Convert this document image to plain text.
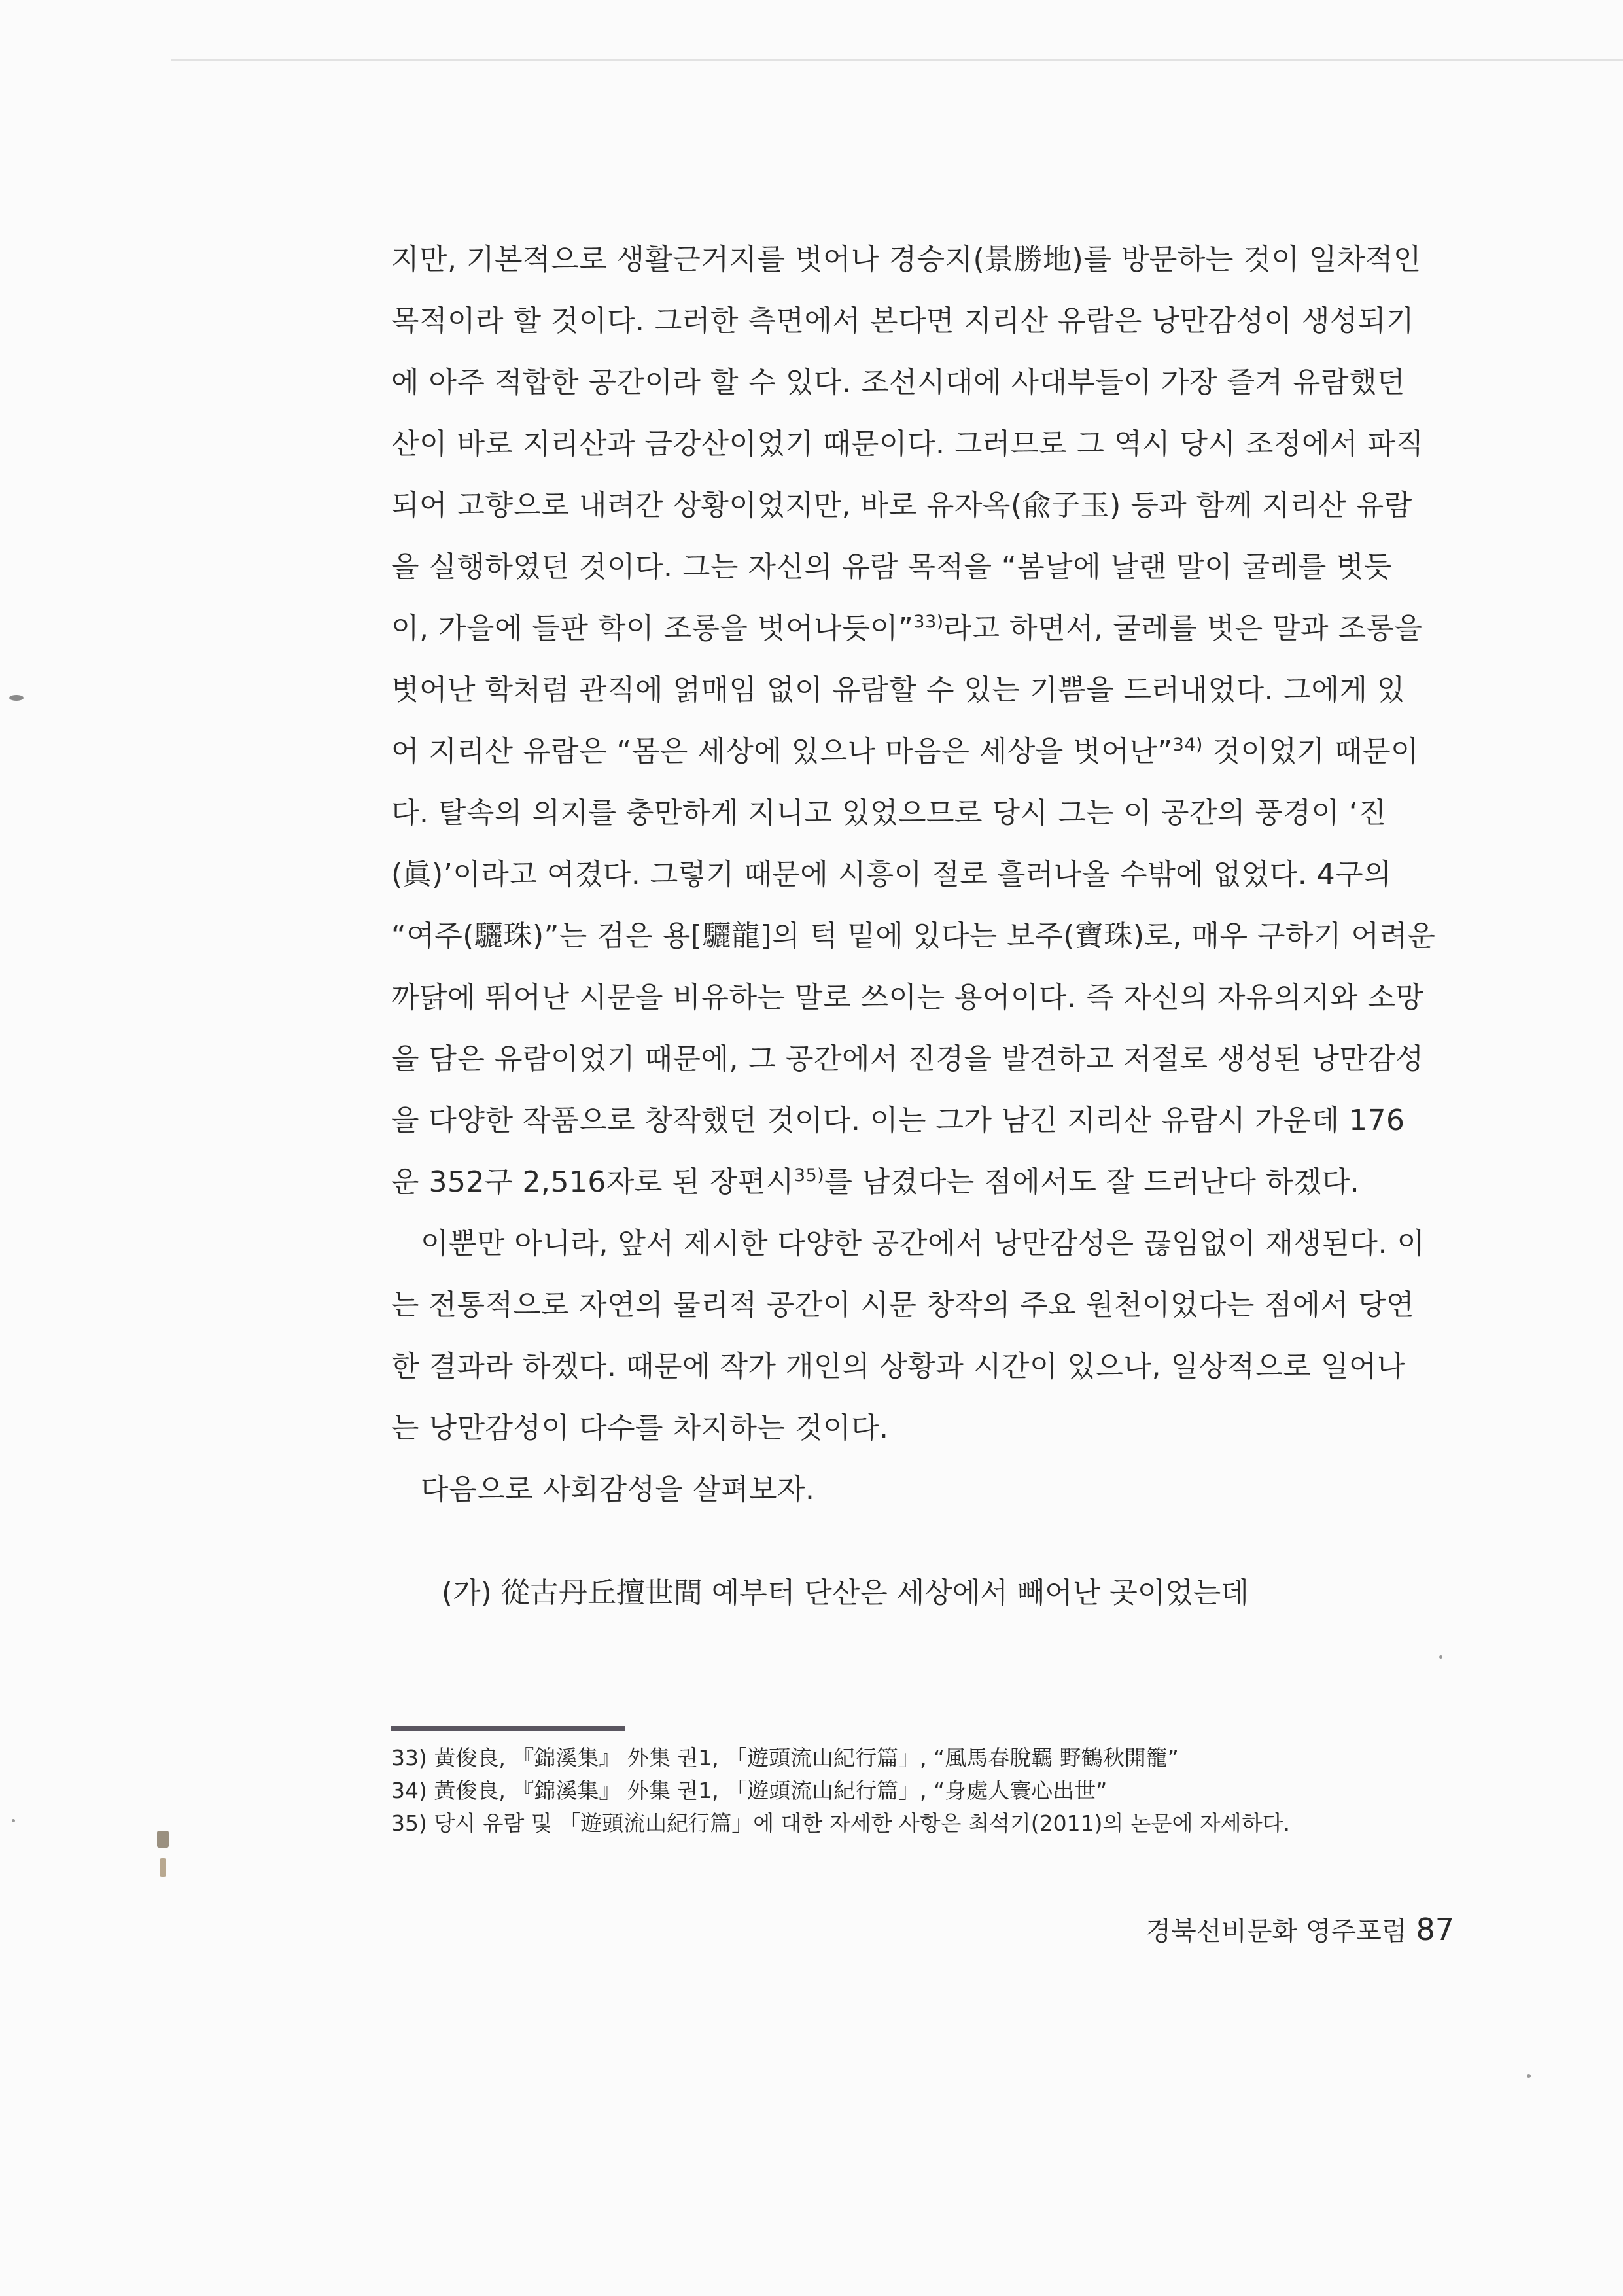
지만, 기본적으로 생활근거지를 벗어나 경승지(景勝地)를 방문하는 것이 일차적인
목적이라 할 것이다. 그러한 측면에서 본다면 지리산 유람은 낭만감성이 생성되기
에 아주 적합한 공간이라 할 수 있다. 조선시대에 사대부들이 가장 즐겨 유람했던
산이 바로 지리산과 금강산이었기 때문이다. 그러므로 그 역시 당시 조정에서 파직
되어 고향으로 내려간 상황이었지만, 바로 유자옥(兪子玉) 등과 함께 지리산 유람
을 실행하였던 것이다. 그는 자신의 유람 목적을 “봄날에 날랜 말이 굴레를 벗듯
이, 가을에 들판 학이 조롱을 벗어나듯이”$^{33)}$라고 하면서, 굴레를 벗은 말과 조롱을
벗어난 학처럼 관직에 얽매임 없이 유람할 수 있는 기쁨을 드러내었다. 그에게 있
어 지리산 유람은 “몸은 세상에 있으나 마음은 세상을 벗어난”$^{34)}$ 것이었기 때문이
다. 탈속의 의지를 충만하게 지니고 있었으므로 당시 그는 이 공간의 풍경이 ‘진
(眞)’이라고 여겼다. 그렇기 때문에 시흥이 절로 흘러나올 수밖에 없었다. 4구의
“여주(驪珠)”는 검은 용[驪龍]의 턱 밑에 있다는 보주(寶珠)로, 매우 구하기 어려운
까닭에 뛰어난 시문을 비유하는 말로 쓰이는 용어이다. 즉 자신의 자유의지와 소망
을 담은 유람이었기 때문에, 그 공간에서 진경을 발견하고 저절로 생성된 낭만감성
을 다양한 작품으로 창작했던 것이다. 이는 그가 남긴 지리산 유람시 가운데 176
운 352구 2,516자로 된 장편시$^{35)}$를 남겼다는 점에서도 잘 드러난다 하겠다.
이뿐만 아니라, 앞서 제시한 다양한 공간에서 낭만감성은 끊임없이 재생된다. 이
는 전통적으로 자연의 물리적 공간이 시문 창작의 주요 원천이었다는 점에서 당연
한 결과라 하겠다. 때문에 작가 개인의 상황과 시간이 있으나, 일상적으로 일어나
는 낭만감성이 다수를 차지하는 것이다.
다음으로 사회감성을 살펴보자.
(가) 從古丹丘擅世間 예부터 단산은 세상에서 빼어난 곳이었는데
33) 黃俊良, 『錦溪集』 外集 권1, 「遊頭流山紀行篇」, “風馬春脫羈 野鶴秋開籠”
34) 黃俊良, 『錦溪集』 外集 권1, 「遊頭流山紀行篇」, “身處人寰心出世”
35) 당시 유람 및 「遊頭流山紀行篇」에 대한 자세한 사항은 최석기(2011)의 논문에 자세하다.
경북선비문화 영주포럼 87
